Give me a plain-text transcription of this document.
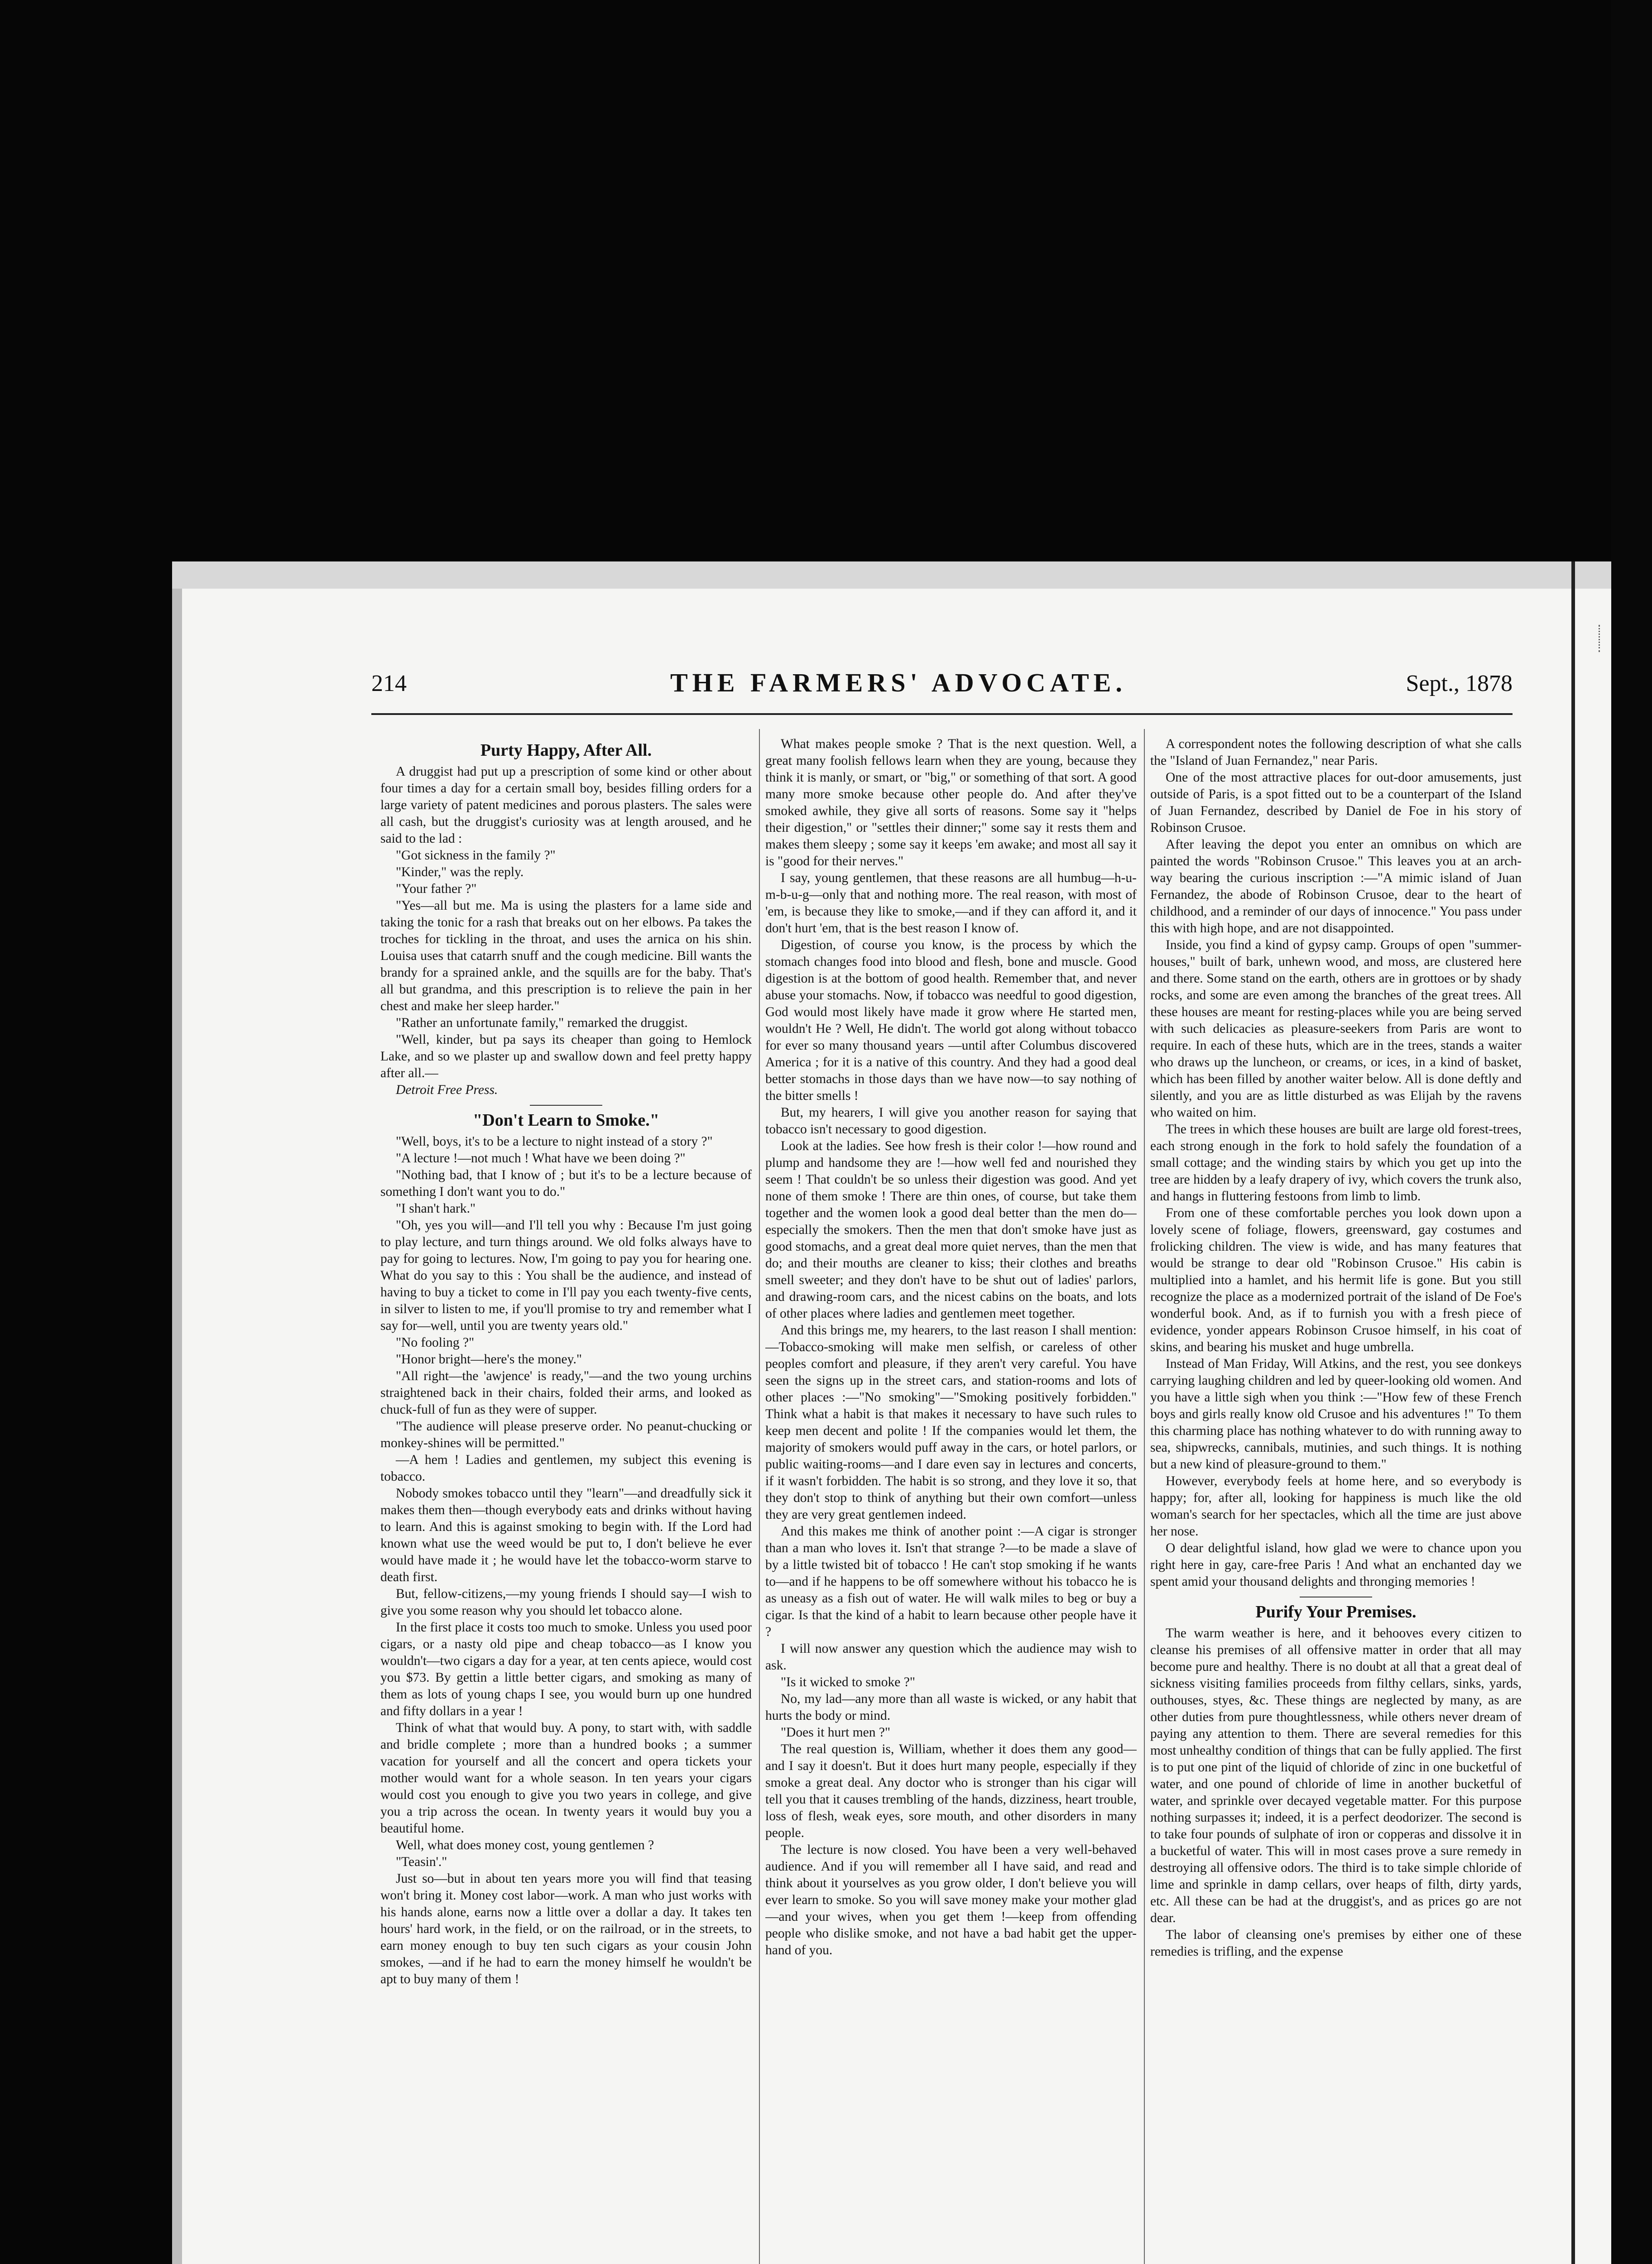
214	THE FARMERS' ADVOCATE.	Sept., 1878
Purty Happy, After All.

A druggist had put up a prescription of some kind or other about four times a day for a certain small boy, besides filling orders for a large variety of patent medicines and porous plasters. The sales were all cash, but the druggist's curiosity was at length aroused, and he said to the lad :

"Got sickness in the family ?"

"Kinder," was the reply.

"Your father ?"

"Yes—all but me. Ma is using the plasters for a lame side and taking the tonic for a rash that breaks out on her elbows. Pa takes the troches for tickling in the throat, and uses the arnica on his shin. Louisa uses that catarrh snuff and the cough medicine. Bill wants the brandy for a sprained ankle, and the squills are for the baby. That's all but grandma, and this prescription is to relieve the pain in her chest and make her sleep harder."

"Rather an unfortunate family," remarked the druggist.

"Well, kinder, but pa says its cheaper than going to Hemlock Lake, and so we plaster up and swallow down and feel pretty happy after all.—

Detroit Free Press.

"Don't Learn to Smoke."

"Well, boys, it's to be a lecture to night instead of a story ?"

"A lecture !—not much ! What have we been doing ?"

"Nothing bad, that I know of ; but it's to be a lecture because of something I don't want you to do."

"I shan't hark."

"Oh, yes you will—and I'll tell you why : Because I'm just going to play lecture, and turn things around. We old folks always have to pay for going to lectures. Now, I'm going to pay you for hearing one. What do you say to this : You shall be the audience, and instead of having to buy a ticket to come in I'll pay you each twenty-five cents, in silver to listen to me, if you'll promise to try and remember what I say for—well, until you are twenty years old."

"No fooling ?"

"Honor bright—here's the money."

"All right—the 'awjence' is ready,"—and the two young urchins straightened back in their chairs, folded their arms, and looked as chuck-full of fun as they were of supper.

"The audience will please preserve order. No peanut-chucking or monkey-shines will be permitted."

—A hem ! Ladies and gentlemen, my subject this evening is tobacco.

Nobody smokes tobacco until they "learn"—and dreadfully sick it makes them then—though everybody eats and drinks without having to learn. And this is against smoking to begin with. If the Lord had known what use the weed would be put to, I don't believe he ever would have made it ; he would have let the tobacco-worm starve to death first.

But, fellow-citizens,—my young friends I should say—I wish to give you some reason why you should let tobacco alone.

In the first place it costs too much to smoke. Unless you used poor cigars, or a nasty old pipe and cheap tobacco—as I know you wouldn't—two cigars a day for a year, at ten cents apiece, would cost you $73. By gettin a little better cigars, and smoking as many of them as lots of young chaps I see, you would burn up one hundred and fifty dollars in a year !

Think of what that would buy. A pony, to start with, with saddle and bridle complete ; more than a hundred books ; a summer vacation for yourself and all the concert and opera tickets your mother would want for a whole season. In ten years your cigars would cost you enough to give you two years in college, and give you a trip across the ocean. In twenty years it would buy you a beautiful home.

Well, what does money cost, young gentlemen ?

"Teasin'."

Just so—but in about ten years more you will find that teasing won't bring it. Money cost labor—work. A man who just works with his hands alone, earns now a little over a dollar a day. It takes ten hours' hard work, in the field, or on the railroad, or in the streets, to earn money enough to buy ten such cigars as your cousin John smokes, —and if he had to earn the money himself he wouldn't be apt to buy many of them !

What makes people smoke ? That is the next question. Well, a great many foolish fellows learn when they are young, because they think it is manly, or smart, or "big," or something of that sort. A good many more smoke because other people do. And after they've smoked awhile, they give all sorts of reasons. Some say it "helps their digestion," or "settles their dinner;" some say it rests them and makes them sleepy ; some say it keeps 'em awake; and most all say it is "good for their nerves."

I say, young gentlemen, that these reasons are all humbug—h-u-m-b-u-g—only that and nothing more. The real reason, with most of 'em, is because they like to smoke,—and if they can afford it, and it don't hurt 'em, that is the best reason I know of.

Digestion, of course you know, is the process by which the stomach changes food into blood and flesh, bone and muscle. Good digestion is at the bottom of good health. Remember that, and never abuse your stomachs. Now, if tobacco was needful to good digestion, God would most likely have made it grow where He started men, wouldn't He ? Well, He didn't. The world got along without tobacco for ever so many thousand years —until after Columbus discovered America ; for it is a native of this country. And they had a good deal better stomachs in those days than we have now—to say nothing of the bitter smells !

But, my hearers, I will give you another reason for saying that tobacco isn't necessary to good digestion.

Look at the ladies. See how fresh is their color !—how round and plump and handsome they are !—how well fed and nourished they seem ! That couldn't be so unless their digestion was good. And yet none of them smoke ! There are thin ones, of course, but take them together and the women look a good deal better than the men do—especially the smokers. Then the men that don't smoke have just as good stomachs, and a great deal more quiet nerves, than the men that do; and their mouths are cleaner to kiss; their clothes and breaths smell sweeter; and they don't have to be shut out of ladies' parlors, and drawing-room cars, and the nicest cabins on the boats, and lots of other places where ladies and gentlemen meet together.

And this brings me, my hearers, to the last reason I shall mention:—Tobacco-smoking will make men selfish, or careless of other peoples comfort and pleasure, if they aren't very careful. You have seen the signs up in the street cars, and station-rooms and lots of other places :—"No smoking"—"Smoking positively forbidden." Think what a habit is that makes it necessary to have such rules to keep men decent and polite ! If the companies would let them, the majority of smokers would puff away in the cars, or hotel parlors, or public waiting-rooms—and I dare even say in lectures and concerts, if it wasn't forbidden. The habit is so strong, and they love it so, that they don't stop to think of anything but their own comfort—unless they are very great gentlemen indeed.

And this makes me think of another point :—A cigar is stronger than a man who loves it. Isn't that strange ?—to be made a slave of by a little twisted bit of tobacco ! He can't stop smoking if he wants to—and if he happens to be off somewhere without his tobacco he is as uneasy as a fish out of water. He will walk miles to beg or buy a cigar. Is that the kind of a habit to learn because other people have it ?

I will now answer any question which the audience may wish to ask.

"Is it wicked to smoke ?"

No, my lad—any more than all waste is wicked, or any habit that hurts the body or mind.

"Does it hurt men ?"

The real question is, William, whether it does them any good—and I say it doesn't. But it does hurt many people, especially if they smoke a great deal. Any doctor who is stronger than his cigar will tell you that it causes trembling of the hands, dizziness, heart trouble, loss of flesh, weak eyes, sore mouth, and other disorders in many people.

The lecture is now closed. You have been a very well-behaved audience. And if you will remember all I have said, and read and think about it yourselves as you grow older, I don't believe you will ever learn to smoke. So you will save money make your mother glad—and your wives, when you get them !—keep from offending people who dislike smoke, and not have a bad habit get the upper-hand of you.

A correspondent notes the following description of what she calls the "Island of Juan Fernandez," near Paris.

One of the most attractive places for out-door amusements, just outside of Paris, is a spot fitted out to be a counterpart of the Island of Juan Fernandez, described by Daniel de Foe in his story of Robinson Crusoe.

After leaving the depot you enter an omnibus on which are painted the words "Robinson Crusoe." This leaves you at an arch-way bearing the curious inscription :—"A mimic island of Juan Fernandez, the abode of Robinson Crusoe, dear to the heart of childhood, and a reminder of our days of innocence." You pass under this with high hope, and are not disappointed.

Inside, you find a kind of gypsy camp. Groups of open "summer-houses," built of bark, unhewn wood, and moss, are clustered here and there. Some stand on the earth, others are in grottoes or by shady rocks, and some are even among the branches of the great trees. All these houses are meant for resting-places while you are being served with such delicacies as pleasure-seekers from Paris are wont to require. In each of these huts, which are in the trees, stands a waiter who draws up the luncheon, or creams, or ices, in a kind of basket, which has been filled by another waiter below. All is done deftly and silently, and you are as little disturbed as was Elijah by the ravens who waited on him.

The trees in which these houses are built are large old forest-trees, each strong enough in the fork to hold safely the foundation of a small cottage; and the winding stairs by which you get up into the tree are hidden by a leafy drapery of ivy, which covers the trunk also, and hangs in fluttering festoons from limb to limb.

From one of these comfortable perches you look down upon a lovely scene of foliage, flowers, greensward, gay costumes and frolicking children. The view is wide, and has many features that would be strange to dear old "Robinson Crusoe." His cabin is multiplied into a hamlet, and his hermit life is gone. But you still recognize the place as a modernized portrait of the island of De Foe's wonderful book. And, as if to furnish you with a fresh piece of evidence, yonder appears Robinson Crusoe himself, in his coat of skins, and bearing his musket and huge umbrella.

Instead of Man Friday, Will Atkins, and the rest, you see donkeys carrying laughing children and led by queer-looking old women. And you have a little sigh when you think :—"How few of these French boys and girls really know old Crusoe and his adventures !" To them this charming place has nothing whatever to do with running away to sea, shipwrecks, cannibals, mutinies, and such things. It is nothing but a new kind of pleasure-ground to them."

However, everybody feels at home here, and so everybody is happy; for, after all, looking for happiness is much like the old woman's search for her spectacles, which all the time are just above her nose.

O dear delightful island, how glad we were to chance upon you right here in gay, care-free Paris ! And what an enchanted day we spent amid your thousand delights and thronging memories !

Purify Your Premises.

The warm weather is here, and it behooves every citizen to cleanse his premises of all offensive matter in order that all may become pure and healthy. There is no doubt at all that a great deal of sickness visiting families proceeds from filthy cellars, sinks, yards, outhouses, styes, &c. These things are neglected by many, as are other duties from pure thoughtlessness, while others never dream of paying any attention to them. There are several remedies for this most unhealthy condition of things that can be fully applied. The first is to put one pint of the liquid of chloride of zinc in one bucketful of water, and one pound of chloride of lime in another bucketful of water, and sprinkle over decayed vegetable matter. For this purpose nothing surpasses it; indeed, it is a perfect deodorizer. The second is to take four pounds of sulphate of iron or copperas and dissolve it in a bucketful of water. This will in most cases prove a sure remedy in destroying all offensive odors. The third is to take simple chloride of lime and sprinkle in damp cellars, over heaps of filth, dirty yards, etc. All these can be had at the druggist's, and as prices go are not dear.

The labor of cleansing one's premises by either one of these remedies is trifling, and the expense
